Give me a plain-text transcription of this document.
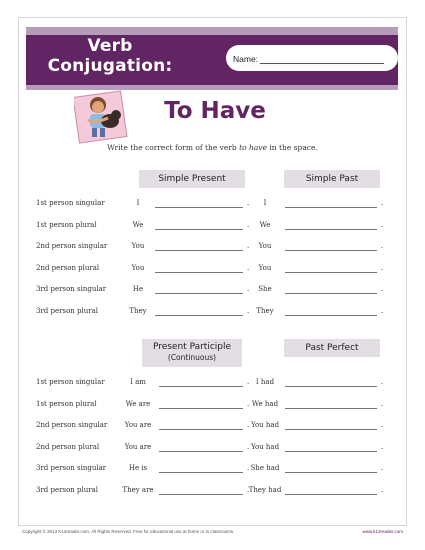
Verb
Conjugation:	Name:
To Have
Write the correct form of the verb to have in the space.
Simple Present	Simple Past
1st person singular	I	.	I	.
1st person plural	We	.	We	.
2nd person singular	You	.	You	.
2nd person plural	You	.	You	.
3rd person singular	He	.	She	.
3rd person plural	They	.	They	.
Present Participle
(Continuous)
Past Perfect
1st person singular	I am	. I had	.
1st person plural	We are	. We had	.
2nd person singular	You are	. You had	.
2nd person plural	You are	. You had	.
3rd person singular	He is	. She had	.
3rd person plural	They are	. They had	.
Copyright © 2013 K12reader.com. All Rights Reserved. Free for educational use at home or in classrooms.	www.k12reader.com
